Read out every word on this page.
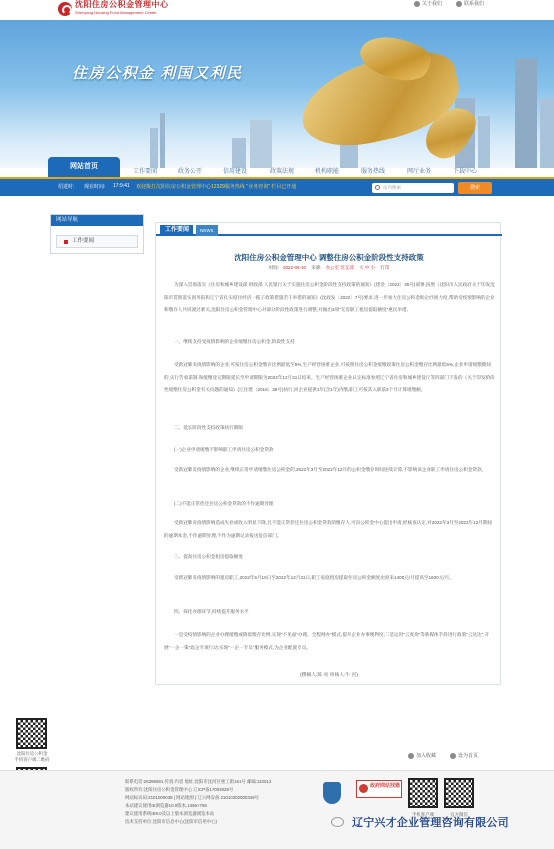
沈阳住房公积金管理中心
Shenyang Housing Fund Management Center
关于我们	联系我们
住房公积金 利国又利民
网站首页
工作要闻	政务公开	信用建设	政策法规	机构职能	服务热线	网厅业务	下载中心
招进时: 现在时间: 17:9:41 欢迎拨打沈阳住房公积金管理中心12329服务热线 "业务咨询" 栏目已开通	站内搜索	搜索
网站导航
工作要闻
工作要闻	NEWS
沈阳住房公积金管理中心 调整住房公积金阶段性支持政策
时间: 2022-06-10 来源: 办公室 党支部 大 中 小 打印
为深入贯彻落实《住房和城乡建设部 财政部 人民银行关于实施住房公积金阶段性支持政策的通知》(建金〔2022〕45号)部署,按照《沈阳市人民政府关于印发沈阳市贯彻落实国务院和辽宁省扎实稳住经济一揽子政策措施若干举措的通知》(沈政发〔2022〕7号)要求,进一步加大住房公积金助企纾困力度,帮助受疫情影响的企业和缴存人共同渡过难关,沈阳住房公积金管理中心对部分阶段性政策进行调整,并做出3项"无房职工租房提取额度"惠民举措。
一、继续支持受疫情影响的企业缓缴住房公积金,阶段性支持
受新冠肺炎疫情影响的企业,可按住房公积金缴存比例最低至5%,生产经营困难企业,可按照住房公积金缓缴政策住房公积金缴存比例最低5%;企业申请缓缴期间的,实行告承诺制,和缓缴登记期限延长至申请期限为2022年12月31日结束。生产经营困难企业认定标准参照辽宁省住房和城乡建设厅等四部门下发的《关于印发阶段性缓缴住房公积金有关问题的通知》(辽住建〔2016〕39号)执行,同企业提供1年(含1年)内缴,职工可按其入职前3个月计算缓缴额。
二、延长阶段性支持政策执行期限
(一)企业申请缓缴不影响职工申请住房公积金贷款
受新冠肺炎疫情影响的企业,继续正常申请缓缴住房公积金的,2022年3月至2022年12月的公积金缴存时间连续计算,不影响该企业职工申请住房公积金贷款。
(二)不能正常偿还住房公积金贷款的不作逾期处理
受新冠肺炎疫情影响造成失业或收入明显下降,且不能正常偿还住房公积金贷款的缴存人,可向公积金中心提出申请,经核查认定,对2022年3月至2022年12月期间的逾期本金,不作逾期处理,不作为逾期记录报送征信部门。
三、提高住房公积金租房提取额度
受新冠肺炎疫情影响的租房职工,2022年6月10日至2022年12月31日,职工家庭租房提取住房公积金额度由原来1400元/月提高至1600元/月。
四、简化办理环节,持续提升服务水平
一是受疫情影响的企业办理缓缴或降低缴存比例,实现"不见面"办理、全程网办"模式,提升企业办事便利度;二是运用"云查询"等新媒体手段进行政策"云送达",开展"一企一策"政企专项行动,实现"一企一专员"服务模式,为企业配置专员。
(撰稿人:陈 亮 审核人:牛 宫)
沈阳住房公积金
手机客户端二维码
加入收藏	设为首页
联系电话:26396591 传真:内容 地址:沈阳市沈河区惠工街161号 邮编:110013
版权所有:沈阳住房公积金管理中心 辽ICP备17003025号
网站标识码:2101000038 | 网站地图 | 辽公网安备 21010302000349号
本站建议使用IE浏览器10.0版本,1366×768
建议使用系统IE8.0及以上版本浏览器浏览本站
技术支持单位:沈阳市信息中心(沈阳市信用中心)
政府网站找错
手机客户端	官方微信
辽宁兴才企业管理咨询有限公司
